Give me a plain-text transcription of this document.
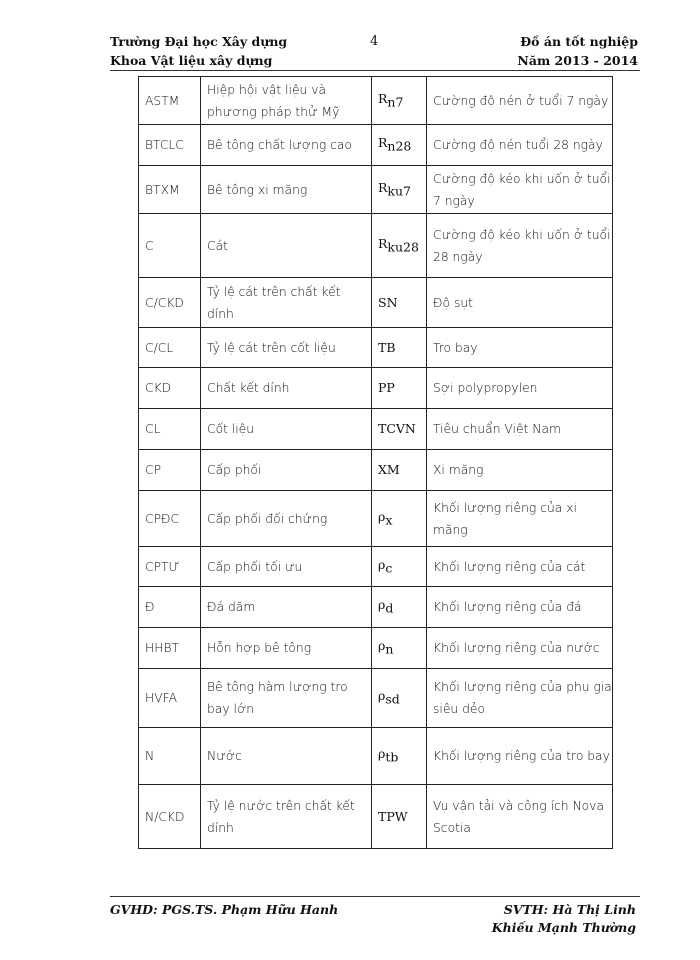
Trường Đại học Xây dựng
Khoa Vật liệu xây dựng
4	Đồ án tốt nghiệp
Năm 2013 - 2014
ASTM	Hiệp hội vật liệu và phương pháp thử Mỹ	$R_{n7}$	Cường độ nén ở tuổi 7 ngày
BTCLC	Bê tông chất lượng cao	$R_{n28}$	Cường độ nén tuổi 28 ngày
BTXM	Bê tông xi măng	$R_{ku7}$	Cường độ kéo khi uốn ở tuổi 7 ngày
C	Cát	$R_{ku28}$	Cường độ kéo khi uốn ở tuổi 28 ngày
C/CKD	Tỷ lệ cát trên chất kết dính	SN	Độ sụt
C/CL	Tỷ lệ cát trên cốt liệu	TB	Tro bay
CKD	Chất kết dính	PP	Sợi polypropylen
CL	Cốt liệu	TCVN	Tiêu chuẩn Việt Nam
CP	Cấp phối	XM	Xi măng
CPĐC	Cấp phối đối chứng	$\rho_x$	Khối lượng riêng của xi măng
CPTƯ	Cấp phối tối ưu	$\rho_c$	Khối lượng riêng của cát
Đ	Đá dăm	$\rho_d$	Khối lượng riêng của đá
HHBT	Hỗn hợp bê tông	$\rho_n$	Khối lượng riêng của nước
HVFA	Bê tông hàm lượng tro bay lớn	$\rho_{sd}$	Khối lượng riêng của phụ gia siêu dẻo
N	Nước	$\rho_{tb}$	Khối lượng riêng của tro bay
N/CKD	Tỷ lệ nước trên chất kết dính	TPW	Vụ vận tải và công ích Nova Scotia
GVHD: PGS.TS. Phạm Hữu Hanh	SVTH: Hà Thị Linh
Khiếu Mạnh Thường
